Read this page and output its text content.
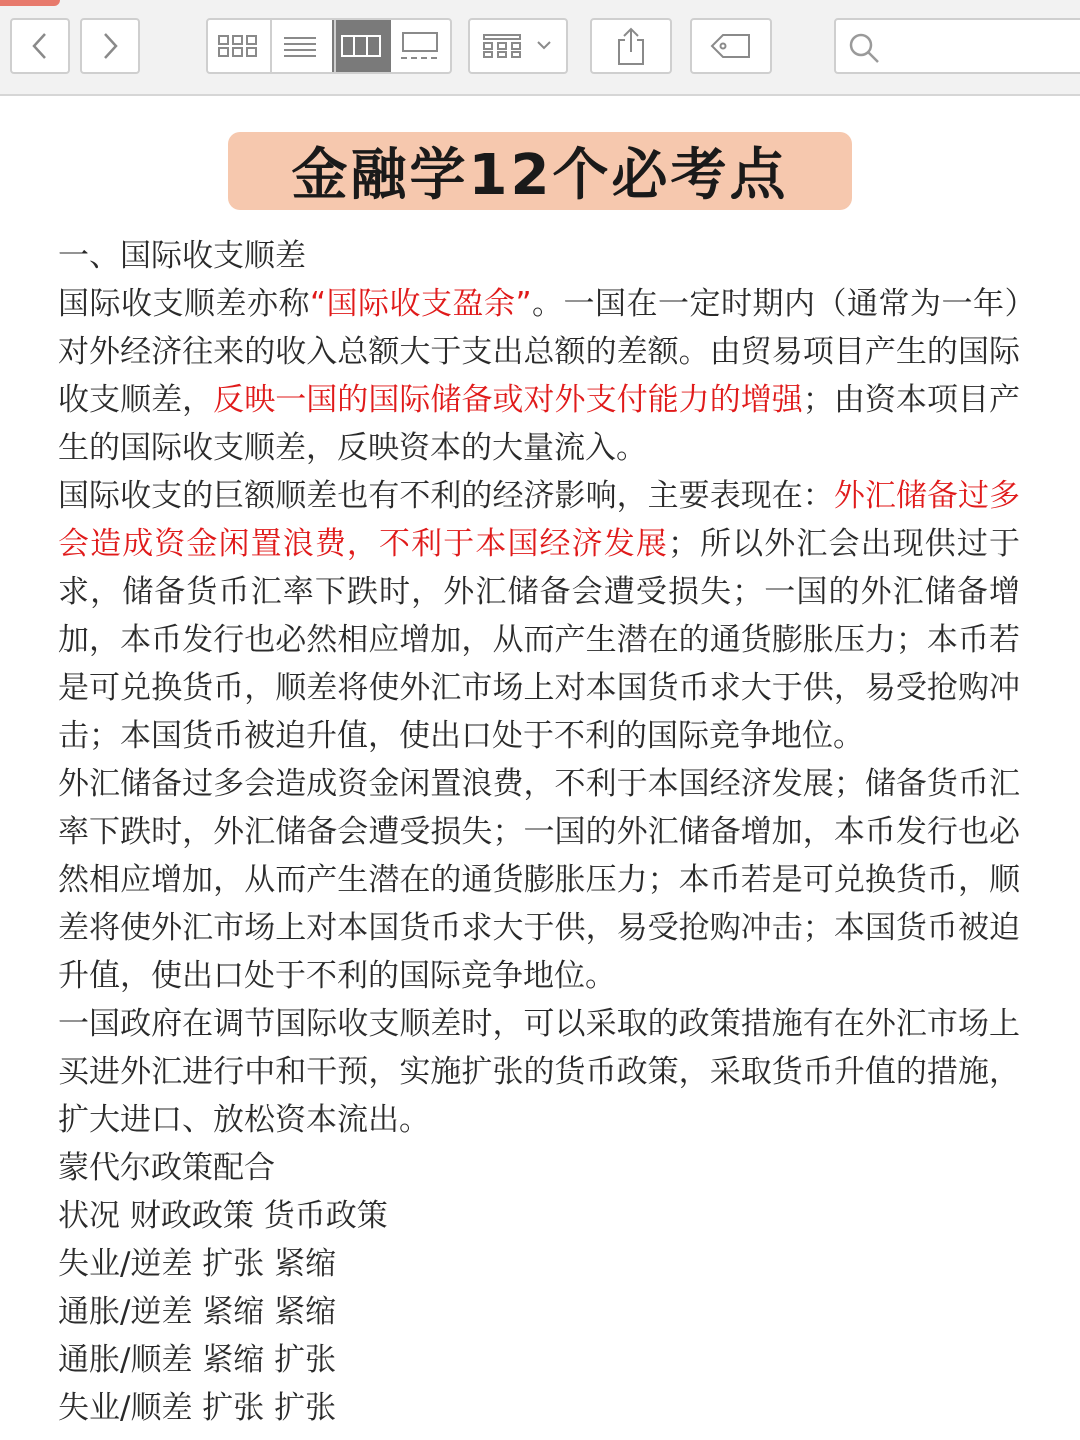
金融学12个必考点

一、国际收支顺差

国际收支顺差亦称“国际收支盈余”。一国在一定时期内（通常为一年）对外经济往来的收入总额大于支出总额的差额。由贸易项目产生的国际收支顺差，反映一国的国际储备或对外支付能力的增强；由资本项目产生的国际收支顺差，反映资本的大量流入。

国际收支的巨额顺差也有不利的经济影响，主要表现在：外汇储备过多会造成资金闲置浪费，不利于本国经济发展；所以外汇会出现供过于求，储备货币汇率下跌时，外汇储备会遭受损失；一国的外汇储备增加，本币发行也必然相应增加，从而产生潜在的通货膨胀压力；本币若是可兑换货币，顺差将使外汇市场上对本国货币求大于供，易受抢购冲击；本国货币被迫升值，使出口处于不利的国际竞争地位。

外汇储备过多会造成资金闲置浪费，不利于本国经济发展；储备货币汇率下跌时，外汇储备会遭受损失；一国的外汇储备增加，本币发行也必然相应增加，从而产生潜在的通货膨胀压力；本币若是可兑换货币，顺差将使外汇市场上对本国货币求大于供，易受抢购冲击；本国货币被迫升值，使出口处于不利的国际竞争地位。

一国政府在调节国际收支顺差时，可以采取的政策措施有在外汇市场上买进外汇进行中和干预，实施扩张的货币政策，采取货币升值的措施，扩大进口、放松资本流出。

蒙代尔政策配合

状况 财政政策 货币政策

失业/逆差 扩张 紧缩

通胀/逆差 紧缩 紧缩

通胀/顺差 紧缩 扩张

失业/顺差 扩张 扩张
